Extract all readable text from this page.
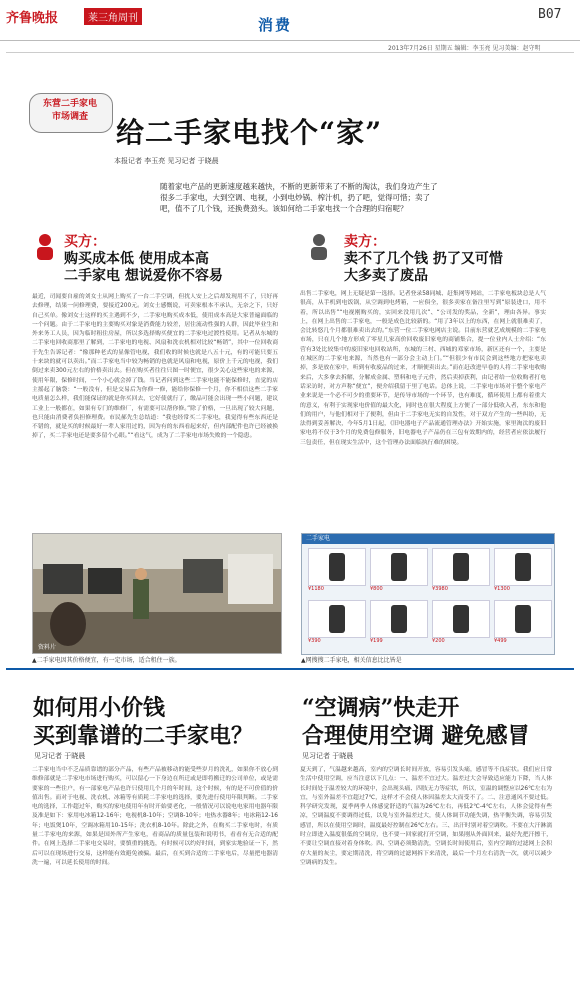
齐鲁晚报	莱三角周刊	消费
B07
2013年7月26日 星期五 编辑：李玉亮 见习美编：赵守明
东营二手家电
市场调查	给二手家电找个“家”
本报记者 李玉亮 见习记者 于晓晨
随着家电产品的更新速度越来越快，不断的更新带来了不断的淘汰，我们身边产生了很多二手家电，大到空调、电视，小到电炒锅、榨汁机，扔了吧，觉得可惜；卖了吧，值不了几个钱，还换费劲头。该如何给二手家电找一个合理的归宿呢？
买方：
购买成本低 使用成本高
二手家电 想说爱你不容易
最近，司闻要自雇的刘女士从网上购买了一台二手空调，但扰人安上之后却发现用不了，只好再去修理，结果一问修理费，要接近200元。刘女士感慨说，可卖家根本不承认，无奈之下，只好自己买单。像刘女士这样的买主遇到不少，二手家电购买成本低，使用成本高是大家普遍面临的一个问题。由于二手家电的主要购买对象是消费能力较差，居住流动性强的人群，因此毕业生和外来务工人员，因为临时租住房屋，所以多选择购买便宜的二手家电过渡性使用。记者从东城的二手家电回收商那里了解到，二手家电的电视、风扇和洗衣机相对比较“畅销”，其中一位回收商于先生告诉记者：“像那种老式的显像管电视，我们收的时候也就是八五十元，有的可能只要五十来块的就可以卖出。”而二手家电当中较为畅销的也就是风扇和电视，原价上千元的电视，我们倒过来卖300元左右的价格卖出去。但在购买者往往只图一时便宜，很少关心这些家电的来源，使用年限，保修时间，一个小心就会掉了钱。当记者问到这些二手家电能不能保修时，直觉的店主摇起了脑袋：“一般没有，但是交易后为你修一修，能给你保修一个月，你不相信这些二手家电质量怎么样，我们能保证的就是你买回去，它好使就行了，缴品可能会出现一些小问题，建议工业上一般都在，如果有专门的维修厂，有需要可以帮你修。”除了价格，一旦出现了较大问题，也只能由消费者负担修理费。市民郝先生总结道：“我也经常买二手家电，我觉得有些东西还是不错的，就是买的时候最好一辈人家用过的，因为有的东西看起来好，但内部配件也许已经被换掉了，买二手家电还是要多留个心眼。”“看这气，成为了二手家电市场失败的一个隐患。
卖方：
卖不了几个钱 扔了又可惜
大多卖了废品
出售二手家电，网上无疑是第一选择。记者登录58同城、赶集网等网站，二手家电板块总是人气很高，从手机到电饭锅，从空调到电烤箱，一应俱全，很多卖家在备注里写到“原装进口，用不着，所以出售”“电视刚购买的，实回来没用几次”、“公司发的奖品，全新”，理由各异。事实上，在网上出售的二手家电，一般是成色比较新的。“用了3年以上的东西，在网上就很难卖了，会比转悠几个月都很难卖出去的。”东营一位二手家电网店主说。目前东营就艺成规模的二手家电市场，只在几个地方形成了零星几家高价回收废旧家电的商铺集合，提一位业内人士介绍：“东营有3处比较集中的废旧家电回收站所，东城的三村、西城的邓家市场，新区还有一个，主要是在城区的二手家电来源，当然也有一部分会主动上门。”“但很少有市民会到这些地方把家电卖掉，多是放在家中，听到有收废品的过来，才顺便卖出去。”而在赶改进早卷的人将二手家电收购来后，大多拿去拆解，分解成金属、塑料和电子元件，然后卖掉获利，由记者给一位收购者打电话采访时，对方声称“便宜”，便介绍我留于里了电话。总体上说，二手家电市场对于整个家电产业来说是一个必不可少的重要环节，是传导市场的一个环节，也有难度，循环使用上都有着重大的意义，有利于实现家电价值的最大化，同时也在很大程度上方便了一部分低收入者，东东和他们的用户，与他们相对于了便利，但由于二手家电无实的自发性，对于双方产生的一些纠纷，无法得到妥善解决，今年5月1日起，《旧电器电子产品流通管理办法》开始实施，家里淘汰的废旧家电将不仅于3个月的免费包修服务，旧电器电子产品仍在三包有效期内的，经营者应依法履行三包责任，但在现实生活中，这个管理办法面临执行难的困境。
▲二手家电因其价格便宜，有一定市场，适合租住一族。
资料片
二手家电
¥1180	¥800	¥3980	¥1300
¥390	¥199	¥200	¥499
▲网搜搜二手家电，相关信息比比皆是
如何用小价钱
买到靠谱的二手家电？
见习记者 于晓晨
二手家电当中不乏品质靠谱的部分产品，有些产品被移动的能受些岁月的洗礼，如果你不放心到维修部就是二手家电市场进行购买，可以留心一下身边在所迁或是即将搬迁的公司单位，或是需要家的一些住户，有一部家电产品也许只使用几个月的年时间，这个时候，有的是不可价值的价值出售。而对于电视、洗衣机、冰箱等有质耗二手家电的选择，要先进行使用年限判断。二手家电的选择，工作超过年，购买的家电使用年有时开始要老化，一般情况可以说电电家用电器年限及准是如下：家用电冰箱12-16年；电视机8-10年；空调8-10年；电热水器8年；电冰箱12-16年；电饭煲10年，空调冰箱用10-15年；洗衣机8-10年。除此之外，在购买二手家电时，有质量二手家电的来源，如果是国外所产生家电，看商品的质量包装和说明书，看看有无合适的配件。在网上选择二手家电交易时，要慎重的挑选，有时候可以约好时间，到家实地验证一下，然后可以在现场进行交易，这样能有效避免被骗。最后，在买到合适的二手家电后，尽量把电器清洗一遍，可以延长使用的时间。
“空调病”快走开
合理使用空调 避免感冒
见习记者 于晓晨
夏天到了，气温越来越高，室内的空调长时间开放，容易引发头痛，感冒等不良症状。我们应日常生活中使用空调，应当注意以下几点：一、温差不宜过大。温差过大会导致适应能力下降，当人体长时间处于温差较大的环境中，会出现头痛、四肢无力等症状，所以，室温的调整应以26℃左右为宜，与室外温差不宜超过7℃，这样才不会使人体因温差太大而受不了。二、注意通风不要过低。科学研究发现，夏季两季人体感觉舒适的气温为26℃左右，再低2℃-4℃左右，人体会觉得有些凉，空调温度不要调得过低，以免与室外温差过大，使人体调节功能失调，热平衡失调，容易引发感冒，所以在使用空调时，温度最好控制在26℃左右。三、出汗时别对着空调吹。不要在大汗淋漓时立即进入温度很低的空调房，也不要一回家就打开空调，如果刚从外面回来，最好先把汗擦干，不要让空调直接对着身体吹。四、空调必须勤清洗，空调长时间使用后，室内空调的过滤网上会积存大量的灰尘，要定期清洗，将空调的过滤网拆下来清洗，最后一个月左右清洗一次，就可以减少空调病的发生。
